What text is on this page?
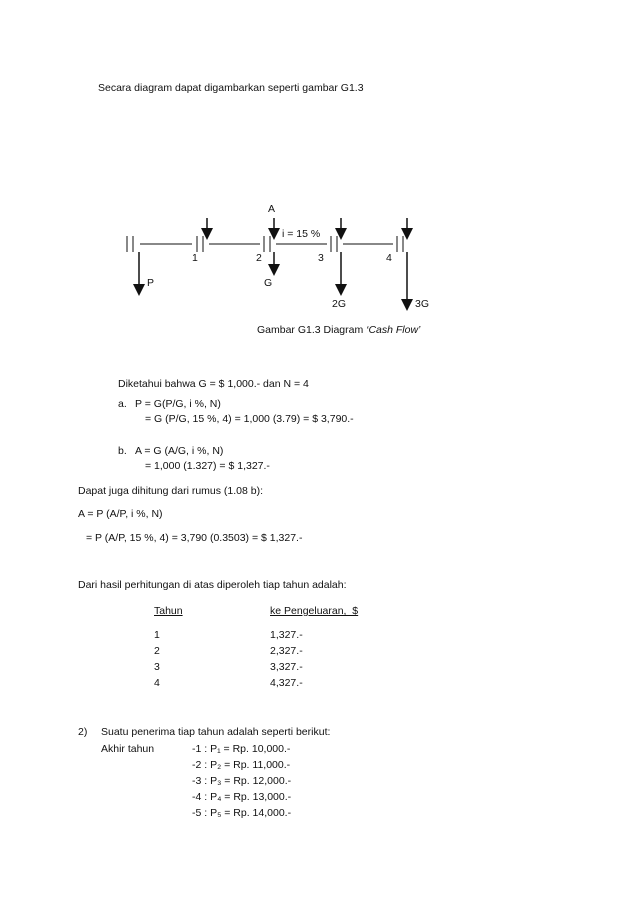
Secara diagram dapat digambarkan seperti gambar G1.3
A
i = 15 %
1	2	3	4
P	G
2G	3G
Gambar G1.3 Diagram ‘Cash Flow’
Diketahui bahwa G = $ 1,000.- dan N = 4
a. P = G(P/G, i %, N)
= G (P/G, 15 %, 4) = 1,000 (3.79) = $ 3,790.-
b. A = G (A/G, i %, N)
= 1,000 (1.327) = $ 1,327.-
Dapat juga dihitung dari rumus (1.08 b):
A = P (A/P, i %, N)
= P (A/P, 15 %, 4) = 3,790 (0.3503) = $ 1,327.-
Dari hasil perhitungan di atas diperoleh tiap tahun adalah:
Tahun	ke Pengeluaran,  $
1	1,327.-
2	2,327.-
3	3,327.-
4	4,327.-
2) Suatu penerima tiap tahun adalah seperti berikut:
Akhir tahun	-1 : P₁ = Rp. 10,000.-
-2 : P₂ = Rp. 11,000.-
-3 : P₃ = Rp. 12,000.-
-4 : P₄ = Rp. 13,000.-
-5 : P₅ = Rp. 14,000.-
